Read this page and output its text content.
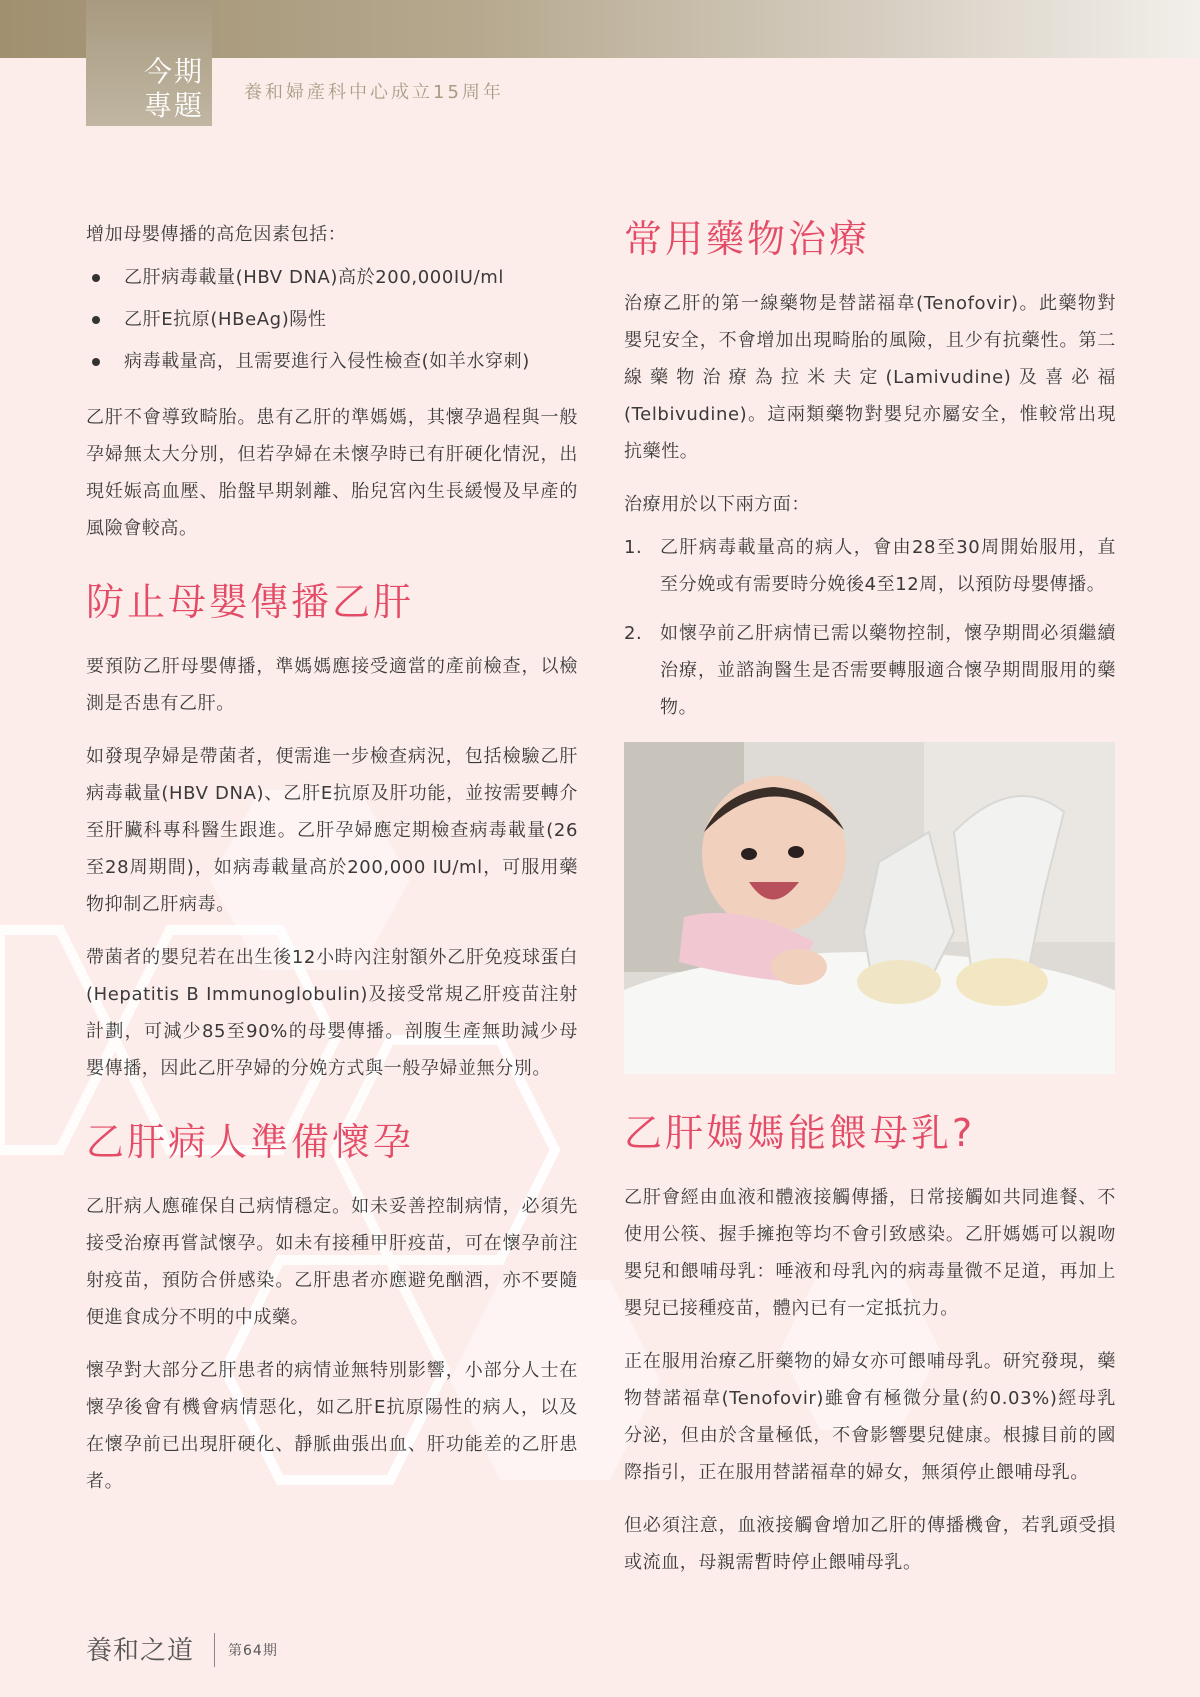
今期
專題 養和婦產科中心成立15周年

增加母嬰傳播的高危因素包括：

乙肝病毒載量(HBV DNA)高於200,000IU/ml
乙肝E抗原(HBeAg)陽性
病毒載量高，且需要進行入侵性檢查(如羊水穿刺)

乙肝不會導致畸胎。患有乙肝的準媽媽，其懷孕過程與一般孕婦無太大分別，但若孕婦在未懷孕時已有肝硬化情況，出現妊娠高血壓、胎盤早期剝離、胎兒宮內生長緩慢及早產的風險會較高。

防止母嬰傳播乙肝

要預防乙肝母嬰傳播，準媽媽應接受適當的產前檢查，以檢測是否患有乙肝。

如發現孕婦是帶菌者，便需進一步檢查病況，包括檢驗乙肝病毒載量(HBV DNA)、乙肝E抗原及肝功能，並按需要轉介至肝臟科專科醫生跟進。乙肝孕婦應定期檢查病毒載量(26至28周期間)，如病毒載量高於200,000 IU/ml，可服用藥物抑制乙肝病毒。

帶菌者的嬰兒若在出生後12小時內注射額外乙肝免疫球蛋白(Hepatitis B Immunoglobulin)及接受常規乙肝疫苗注射計劃，可減少85至90%的母嬰傳播。剖腹生產無助減少母嬰傳播，因此乙肝孕婦的分娩方式與一般孕婦並無分別。

乙肝病人準備懷孕

乙肝病人應確保自己病情穩定。如未妥善控制病情，必須先接受治療再嘗試懷孕。如未有接種甲肝疫苗，可在懷孕前注射疫苗，預防合併感染。乙肝患者亦應避免酗酒，亦不要隨便進食成分不明的中成藥。

懷孕對大部分乙肝患者的病情並無特別影響，小部分人士在懷孕後會有機會病情惡化，如乙肝E抗原陽性的病人，以及在懷孕前已出現肝硬化、靜脈曲張出血、肝功能差的乙肝患者。

常用藥物治療

治療乙肝的第一線藥物是替諾福韋(Tenofovir)。此藥物對嬰兒安全，不會增加出現畸胎的風險，且少有抗藥性。第二線藥物治療為拉米夫定(Lamivudine)及喜必福(Telbivudine)。這兩類藥物對嬰兒亦屬安全，惟較常出現抗藥性。

治療用於以下兩方面：

1. 乙肝病毒載量高的病人，會由28至30周開始服用，直至分娩或有需要時分娩後4至12周，以預防母嬰傳播。
2. 如懷孕前乙肝病情已需以藥物控制，懷孕期間必須繼續治療，並諮詢醫生是否需要轉服適合懷孕期間服用的藥物。
乙肝媽媽能餵母乳?

乙肝會經由血液和體液接觸傳播，日常接觸如共同進餐、不使用公筷、握手擁抱等均不會引致感染。乙肝媽媽可以親吻嬰兒和餵哺母乳：唾液和母乳內的病毒量微不足道，再加上嬰兒已接種疫苗，體內已有一定抵抗力。

正在服用治療乙肝藥物的婦女亦可餵哺母乳。研究發現，藥物替諾福韋(Tenofovir)雖會有極微分量(約0.03%)經母乳分泌，但由於含量極低，不會影響嬰兒健康。根據目前的國際指引，正在服用替諾福韋的婦女，無須停止餵哺母乳。

但必須注意，血液接觸會增加乙肝的傳播機會，若乳頭受損或流血，母親需暫時停止餵哺母乳。

養和之道 第64期
